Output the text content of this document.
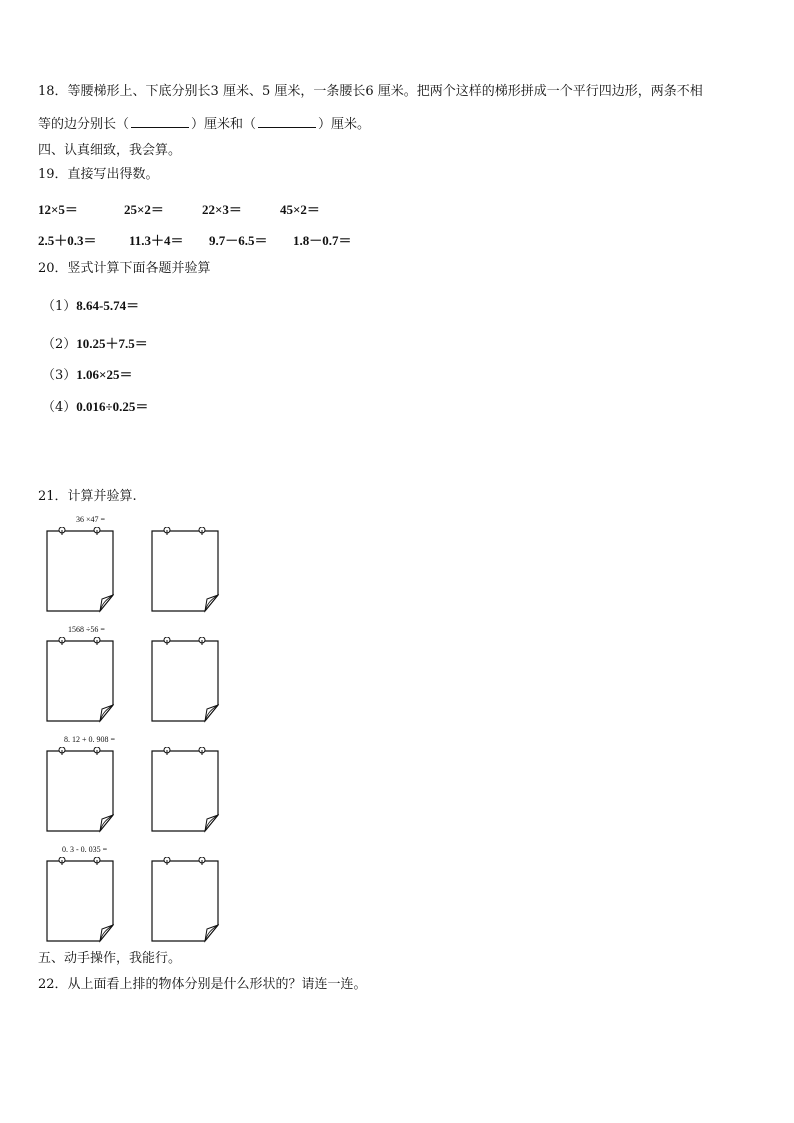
18．等腰梯形上、下底分别长3 厘米、5 厘米，一条腰长6 厘米。把两个这样的梯形拼成一个平行四边形，两条不相
等的边分别长（	）厘米和（	）厘米。
四、认真细致，我会算。
19．直接写出得数。
12×5＝	25×2＝	22×3＝	45×2＝
2.5＋0.3＝ 11.3＋4＝ 9.7－6.5＝ 1.8－0.7＝
20．竖式计算下面各题并验算
（1）8.64-5.74＝
（2）10.25＋7.5＝
（3）1.06×25＝
（4）0.016÷0.25＝
21．计算并验算.
36 ×47 =
1568 ÷56 =
8. 12 + 0. 908 =
0. 3 - 0. 035 =
五、动手操作，我能行。
22．从上面看上排的物体分别是什么形状的？请连一连。
